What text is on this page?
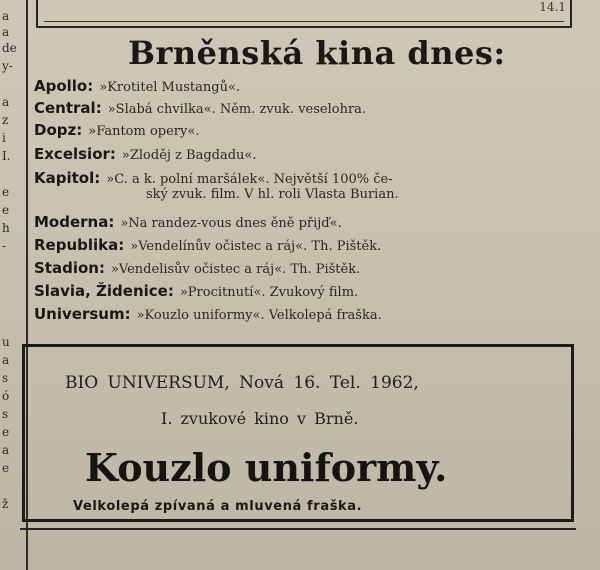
a
a
de
y-
a
z
i
I.
e
e
h
-
u
a
s
ó
s
e
a
e
ž
14.1
Brněnská kina dnes:
Apollo: »Krotitel Mustangů«.
Central: »Slabá chvilka«. Něm. zvuk. veselohra.
Dopz: »Fantom opery«.
Excelsior: »Zloděj z Bagdadu«.
Kapitol: »C. a k. polní maršálek«. Největší 100% če-
ský zvuk. film. V hl. roli Vlasta Burian.
Moderna: »Na randez-vous dnes ěně přijď«.
Republika: »Vendelínův očistec a ráj«. Th. Pištěk.
Stadion: »Vendelisův očistec a ráj«. Th. Pištěk.
Slavia, Židenice: »Procitnutí«. Zvukový film.
Universum: »Kouzlo uniformy«. Velkolepá fraška.
BIO UNIVERSUM, Nová 16. Tel. 1962,
I. zvukové kino v Brně.
Kouzlo uniformy.
Velkolepá zpívaná a mluvená fraška.
